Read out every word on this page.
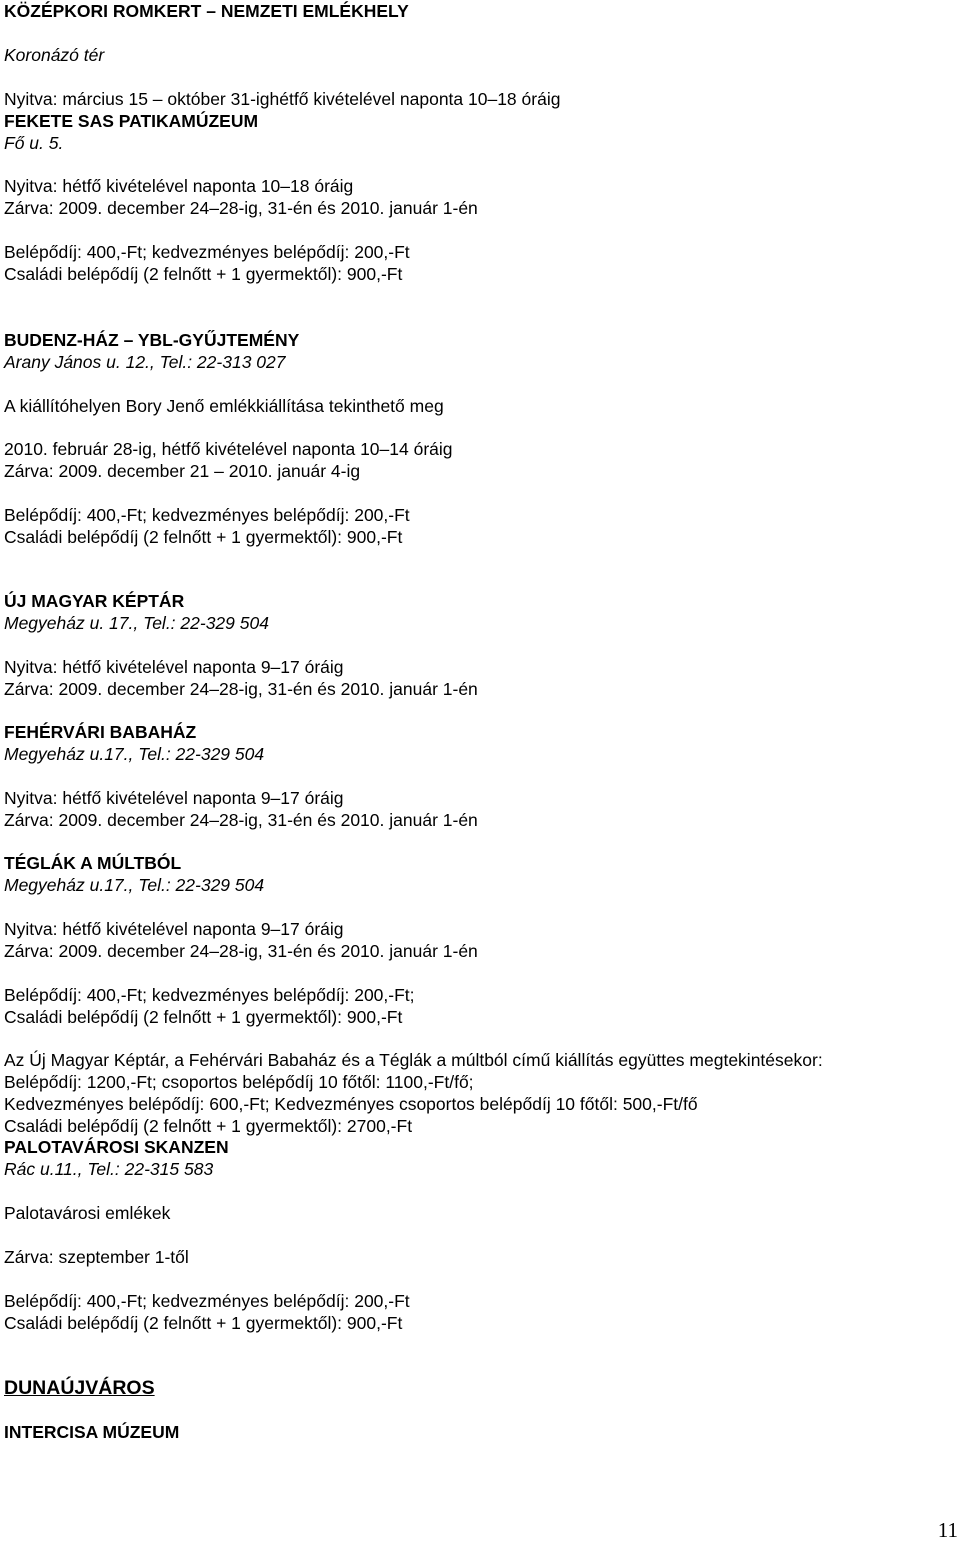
KÖZÉPKORI ROMKERT – NEMZETI EMLÉKHELY
Koronázó tér
Nyitva: március 15 – október 31-ighétfő kivételével naponta 10–18 óráig
FEKETE SAS PATIKAMÚZEUM
Fő u. 5.
Nyitva: hétfő kivételével naponta 10–18 óráig
Zárva: 2009. december 24–28-ig, 31-én és 2010. január 1-én
Belépődíj: 400,-Ft; kedvezményes belépődíj: 200,-Ft
Családi belépődíj (2 felnőtt + 1 gyermektől): 900,-Ft
BUDENZ-HÁZ – YBL-GYŰJTEMÉNY
Arany János u. 12., Tel.: 22-313 027
A kiállítóhelyen Bory Jenő emlékkiállítása tekinthető meg
2010. február 28-ig, hétfő kivételével naponta 10–14 óráig
Zárva: 2009. december 21 – 2010. január 4-ig
Belépődíj: 400,-Ft; kedvezményes belépődíj: 200,-Ft
Családi belépődíj (2 felnőtt + 1 gyermektől): 900,-Ft
ÚJ MAGYAR KÉPTÁR
Megyeház u. 17., Tel.: 22-329 504
Nyitva: hétfő kivételével naponta 9–17 óráig
Zárva: 2009. december 24–28-ig, 31-én és 2010. január 1-én
FEHÉRVÁRI BABAHÁZ
Megyeház u.17., Tel.: 22-329 504
Nyitva: hétfő kivételével naponta 9–17 óráig
Zárva: 2009. december 24–28-ig, 31-én és 2010. január 1-én
TÉGLÁK A MÚLTBÓL
Megyeház u.17., Tel.: 22-329 504
Nyitva: hétfő kivételével naponta 9–17 óráig
Zárva: 2009. december 24–28-ig, 31-én és 2010. január 1-én
Belépődíj: 400,-Ft; kedvezményes belépődíj: 200,-Ft;
Családi belépődíj (2 felnőtt + 1 gyermektől): 900,-Ft
Az Új Magyar Képtár, a Fehérvári Babaház és a Téglák a múltból című kiállítás együttes megtekintésekor:
Belépődíj: 1200,-Ft; csoportos belépődíj 10 főtől: 1100,-Ft/fő;
Kedvezményes belépődíj: 600,-Ft; Kedvezményes csoportos belépődíj 10 főtől: 500,-Ft/fő
Családi belépődíj (2 felnőtt + 1 gyermektől): 2700,-Ft
PALOTAVÁROSI SKANZEN
Rác u.11., Tel.: 22-315 583
Palotavárosi emlékek
Zárva: szeptember 1-től
Belépődíj: 400,-Ft; kedvezményes belépődíj: 200,-Ft
Családi belépődíj (2 felnőtt + 1 gyermektől): 900,-Ft
DUNAÚJVÁROS
INTERCISA MÚZEUM
11
